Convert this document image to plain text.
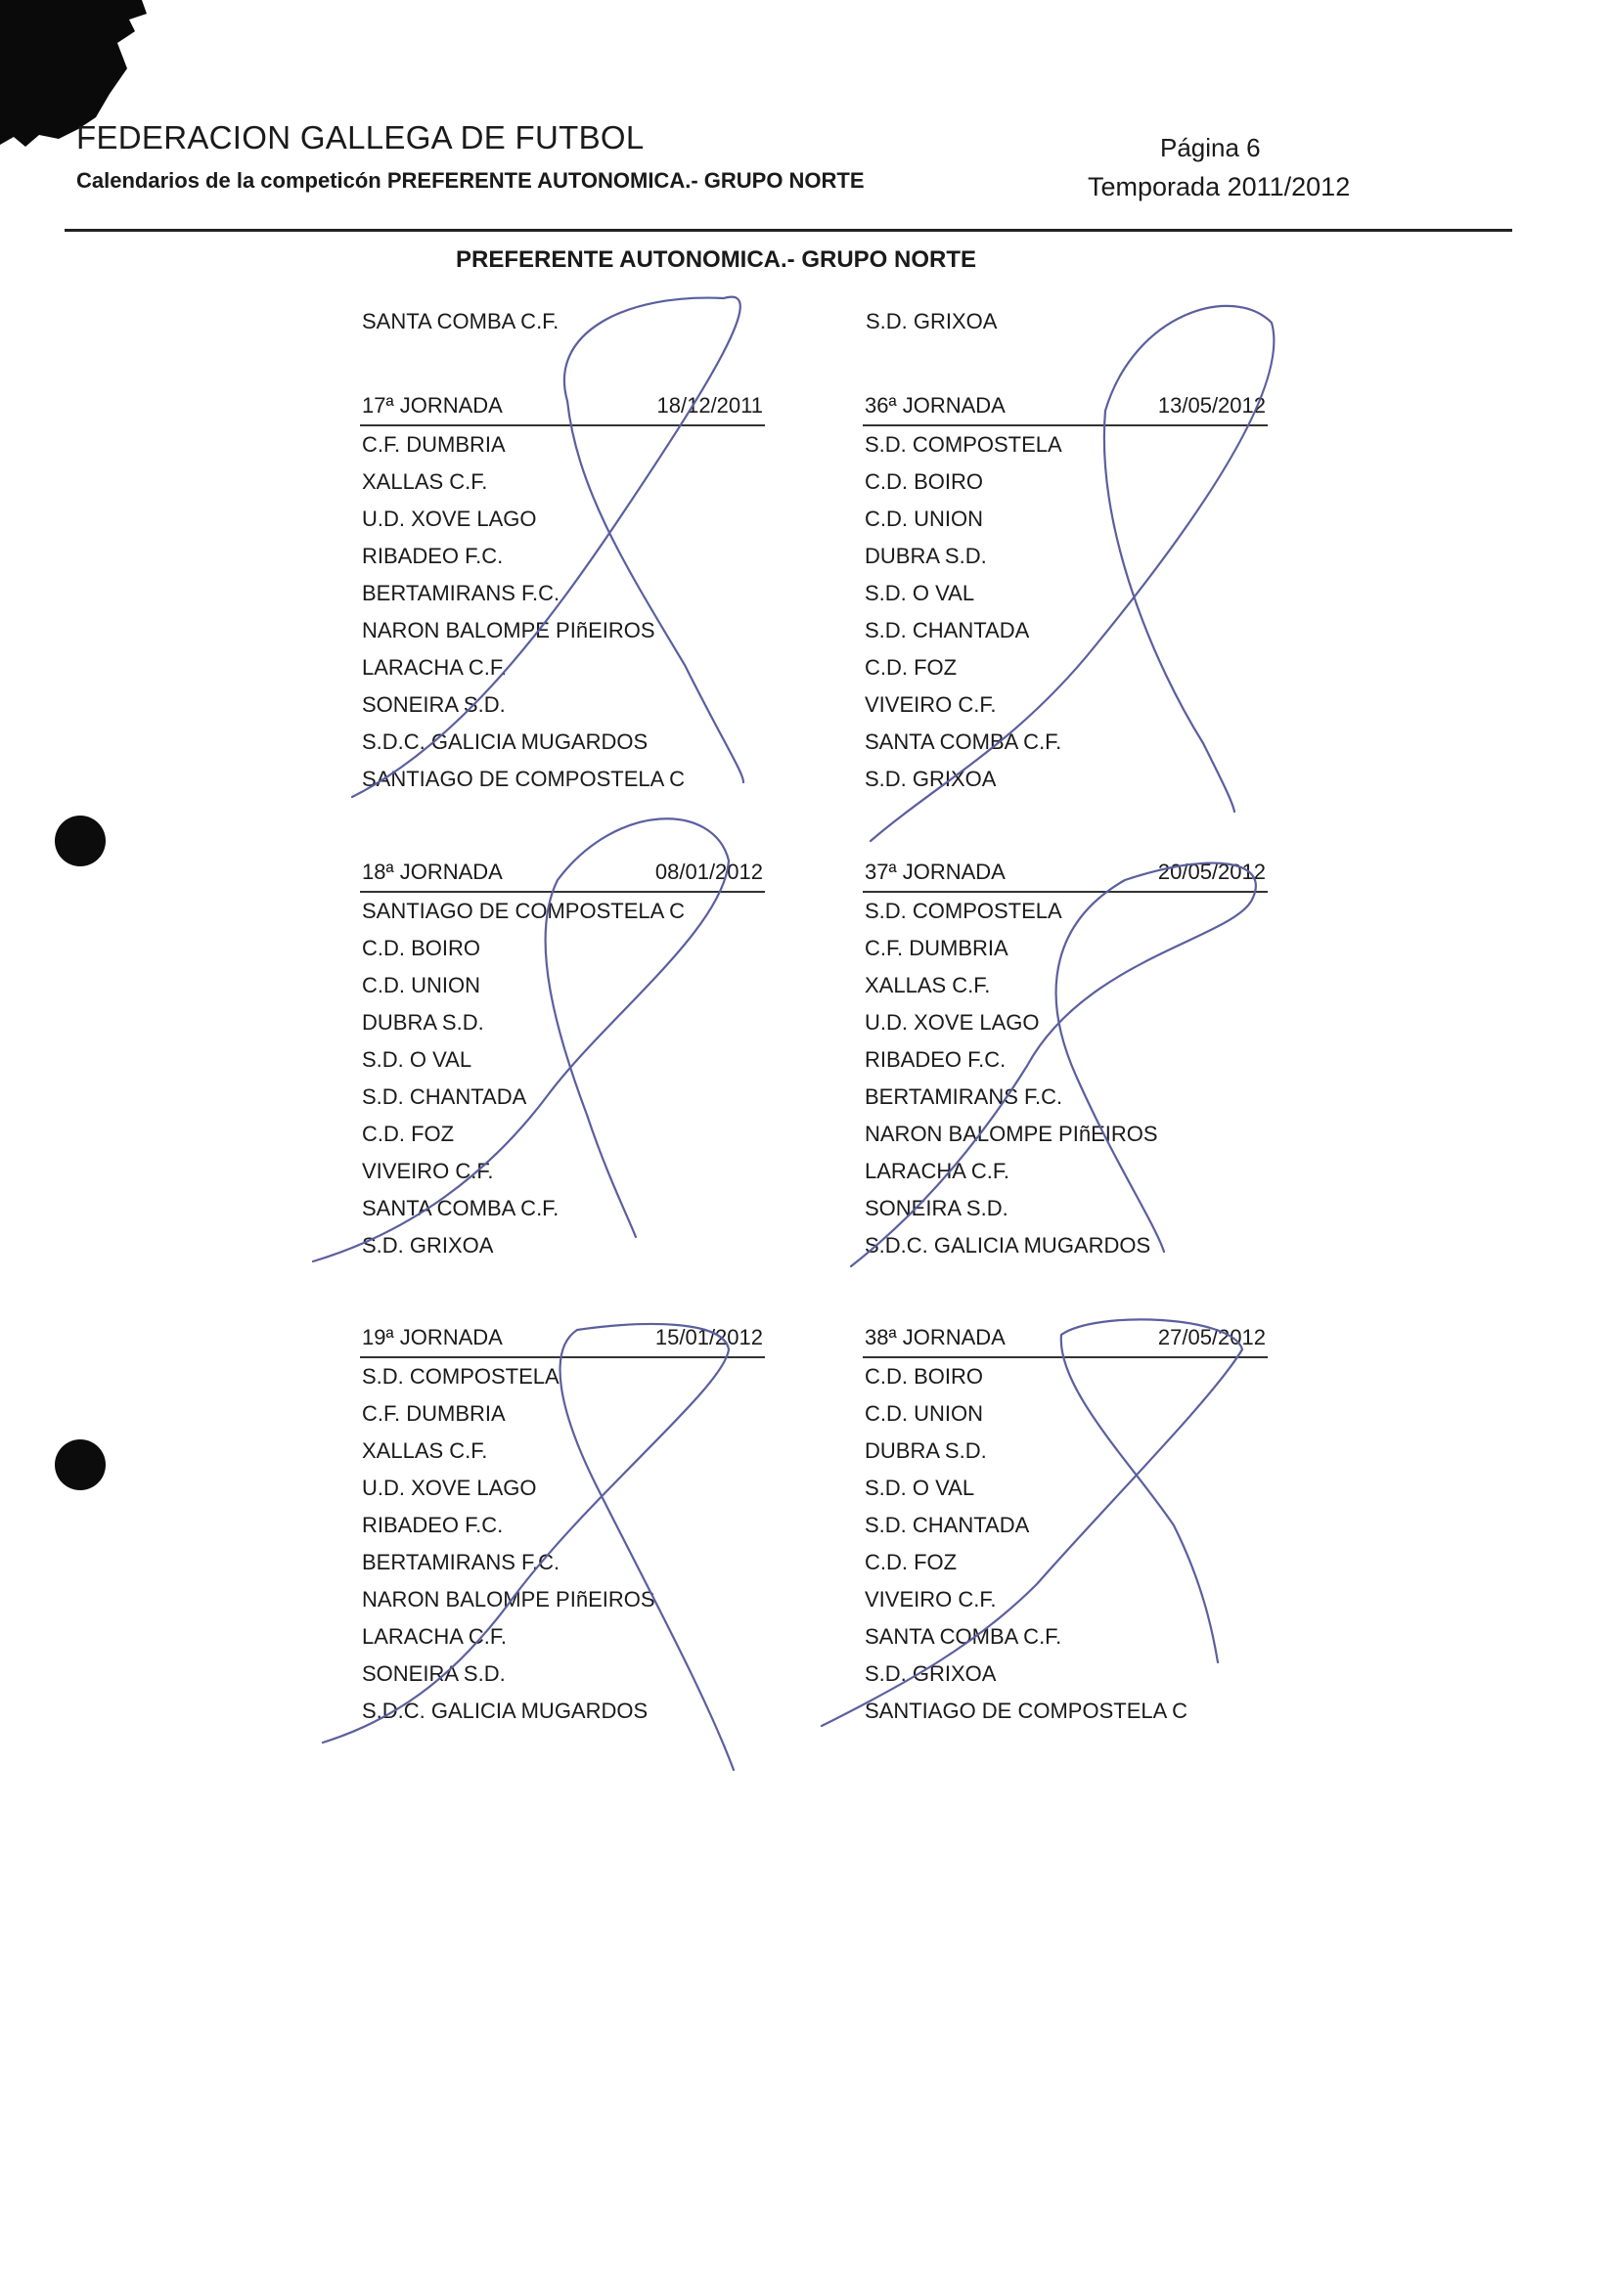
FEDERACION GALLEGA DE FUTBOL
Calendarios de la competicón PREFERENTE AUTONOMICA.- GRUPO NORTE
Página 6
Temporada 2011/2012
PREFERENTE AUTONOMICA.- GRUPO NORTE
SANTA COMBA C.F.	S.D. GRIXOA
17ª JORNADA	18/12/2011
C.F. DUMBRIA
XALLAS C.F.
U.D. XOVE LAGO
RIBADEO F.C.
BERTAMIRANS F.C.
NARON BALOMPE PIñEIROS
LARACHA C.F.
SONEIRA S.D.
S.D.C. GALICIA MUGARDOS
SANTIAGO DE COMPOSTELA C
36ª JORNADA	13/05/2012
S.D. COMPOSTELA
C.D. BOIRO
C.D. UNION
DUBRA S.D.
S.D. O VAL
S.D. CHANTADA
C.D. FOZ
VIVEIRO C.F.
SANTA COMBA C.F.
S.D. GRIXOA
18ª JORNADA	08/01/2012
SANTIAGO DE COMPOSTELA C
C.D. BOIRO
C.D. UNION
DUBRA S.D.
S.D. O VAL
S.D. CHANTADA
C.D. FOZ
VIVEIRO C.F.
SANTA COMBA C.F.
S.D. GRIXOA
37ª JORNADA	20/05/2012
S.D. COMPOSTELA
C.F. DUMBRIA
XALLAS C.F.
U.D. XOVE LAGO
RIBADEO F.C.
BERTAMIRANS F.C.
NARON BALOMPE PIñEIROS
LARACHA C.F.
SONEIRA S.D.
S.D.C. GALICIA MUGARDOS
19ª JORNADA	15/01/2012
S.D. COMPOSTELA
C.F. DUMBRIA
XALLAS C.F.
U.D. XOVE LAGO
RIBADEO F.C.
BERTAMIRANS F.C.
NARON BALOMPE PIñEIROS
LARACHA C.F.
SONEIRA S.D.
S.D.C. GALICIA MUGARDOS
38ª JORNADA	27/05/2012
C.D. BOIRO
C.D. UNION
DUBRA S.D.
S.D. O VAL
S.D. CHANTADA
C.D. FOZ
VIVEIRO C.F.
SANTA COMBA C.F.
S.D. GRIXOA
SANTIAGO DE COMPOSTELA C
